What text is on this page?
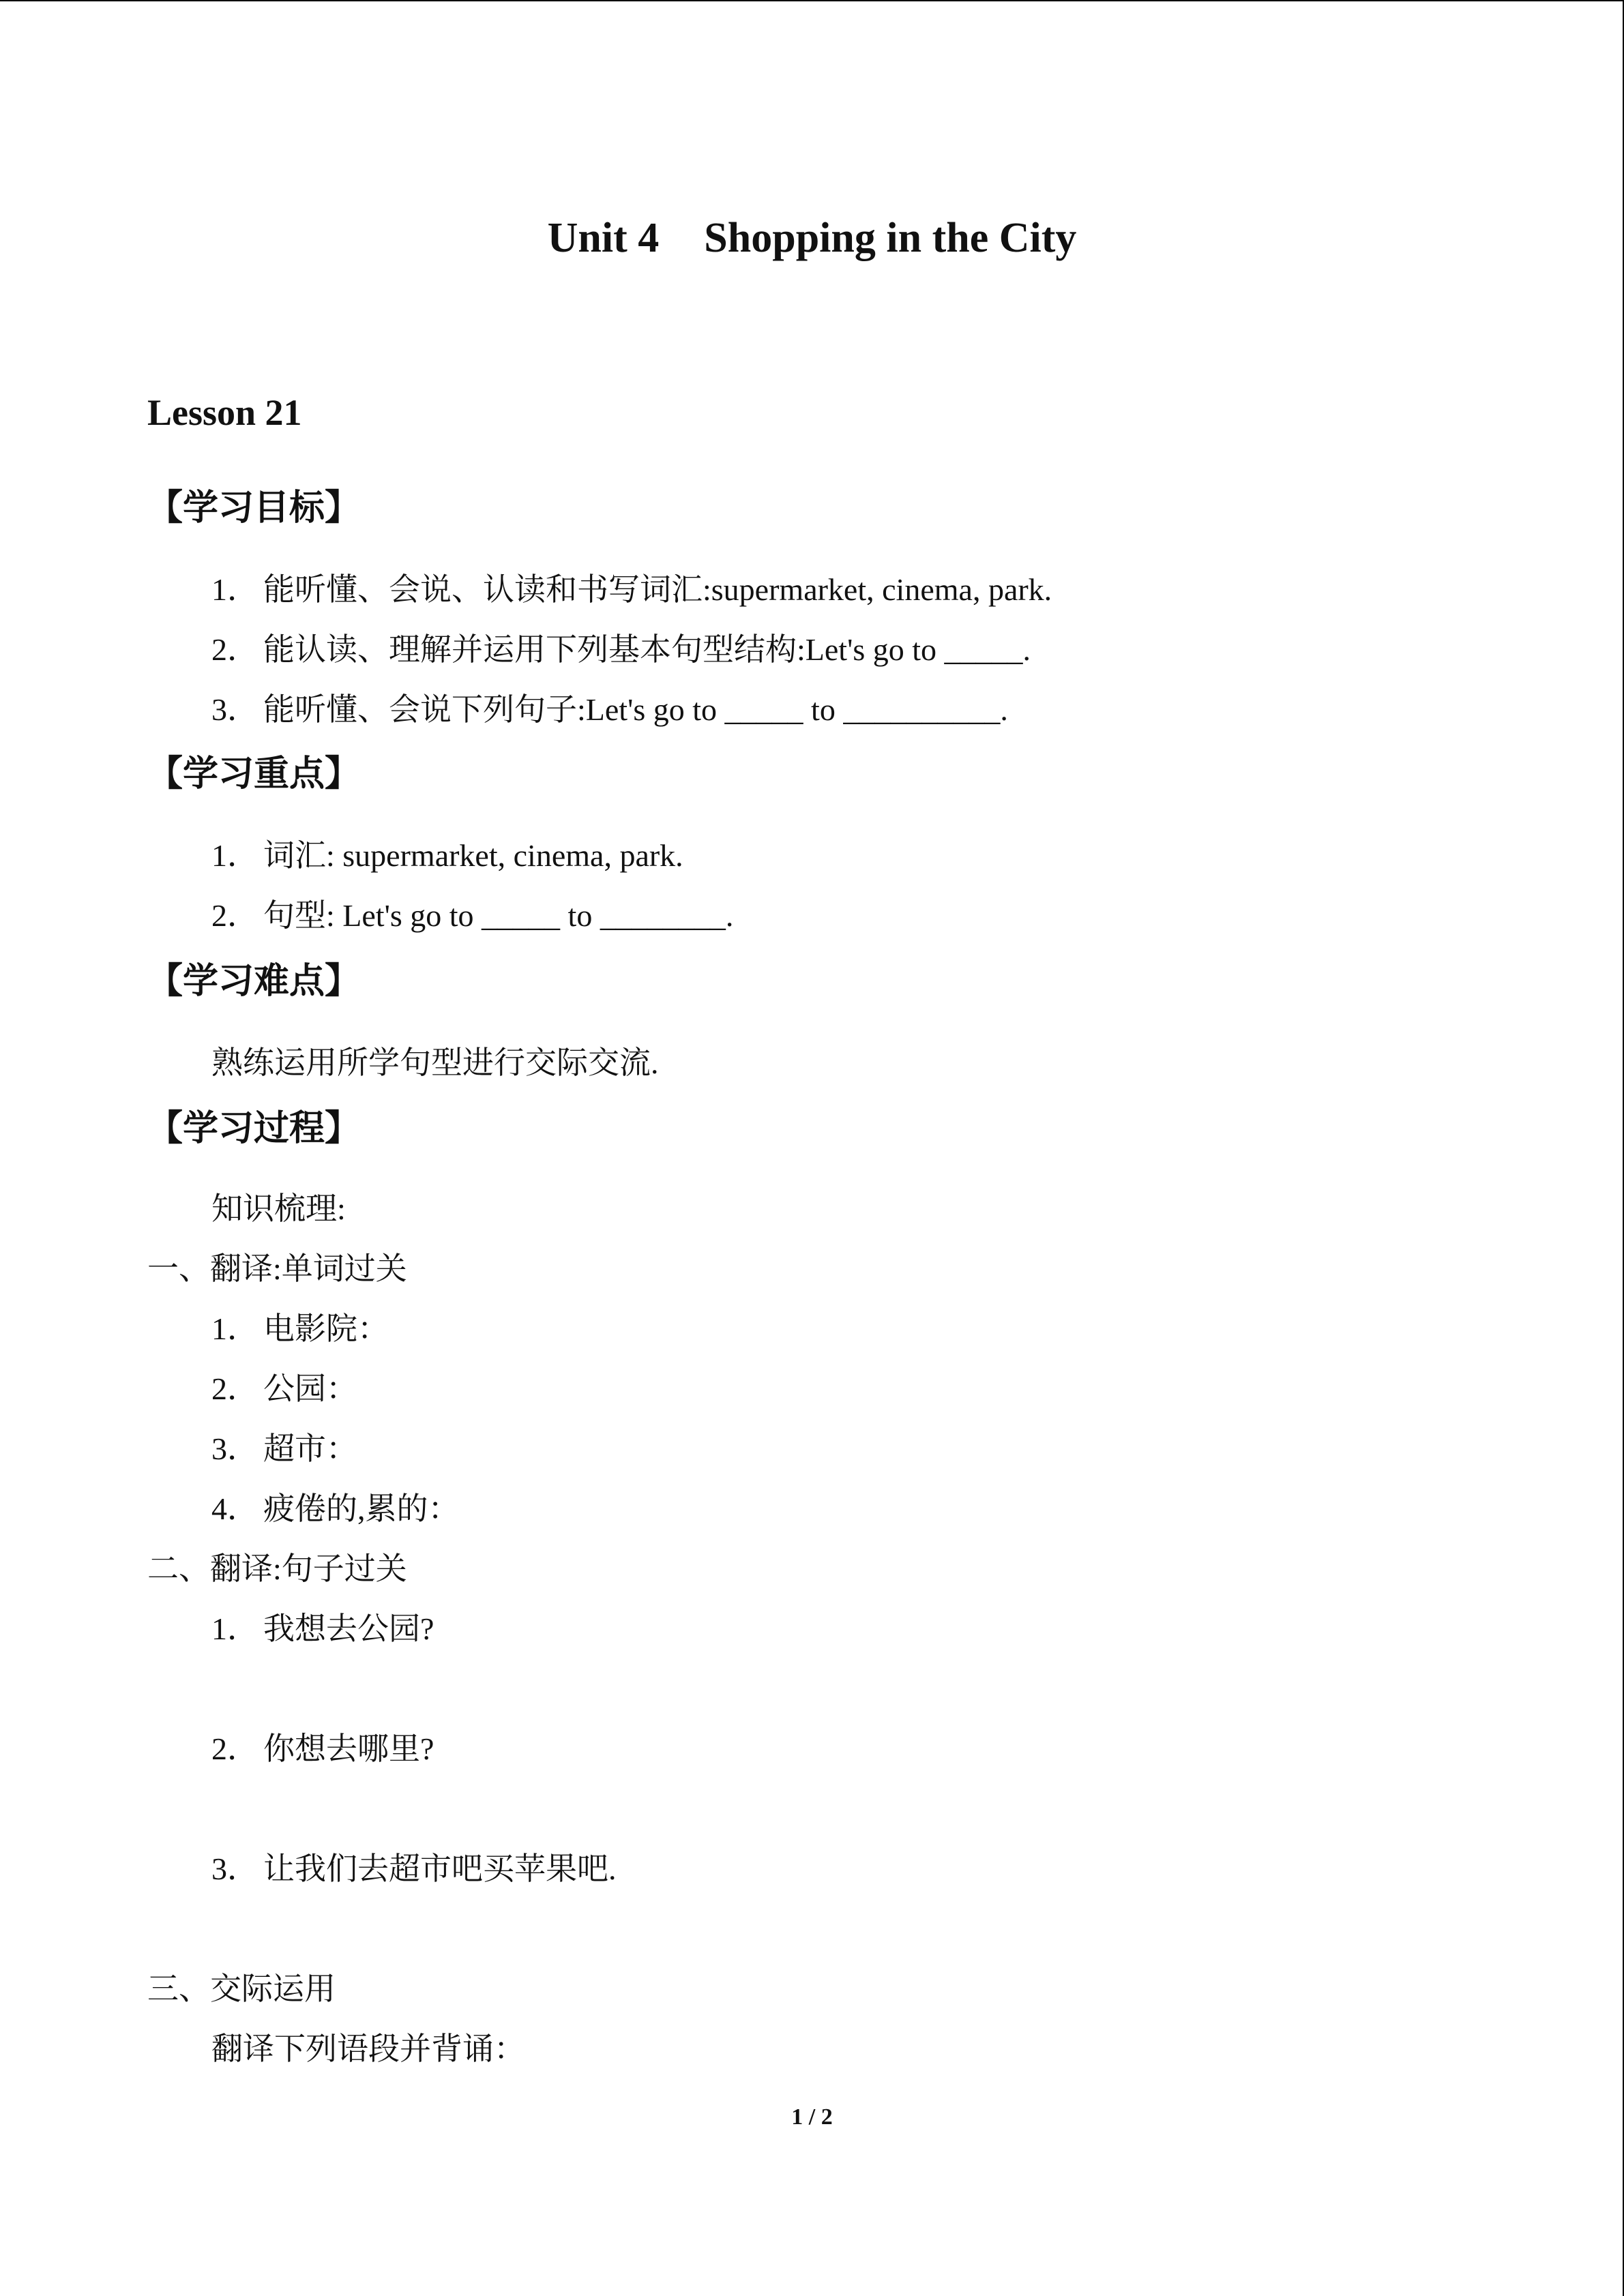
Unit 4 Shopping in the City
Lesson 21
【学习目标】
1． 能听懂、会说、认读和书写词汇:supermarket, cinema, park.
2． 能认读、理解并运用下列基本句型结构:Let's go to _____.
3． 能听懂、会说下列句子:Let's go to _____ to __________.
【学习重点】
1． 词汇: supermarket, cinema, park.
2． 句型: Let's go to _____ to ________.
【学习难点】
熟练运用所学句型进行交际交流.
【学习过程】
知识梳理:
一、翻译:单词过关
1． 电影院：
2． 公园：
3． 超市：
4． 疲倦的,累的：
二、翻译:句子过关
1． 我想去公园?
2． 你想去哪里?
3． 让我们去超市吧买苹果吧.
三、交际运用
翻译下列语段并背诵：
1 / 2
